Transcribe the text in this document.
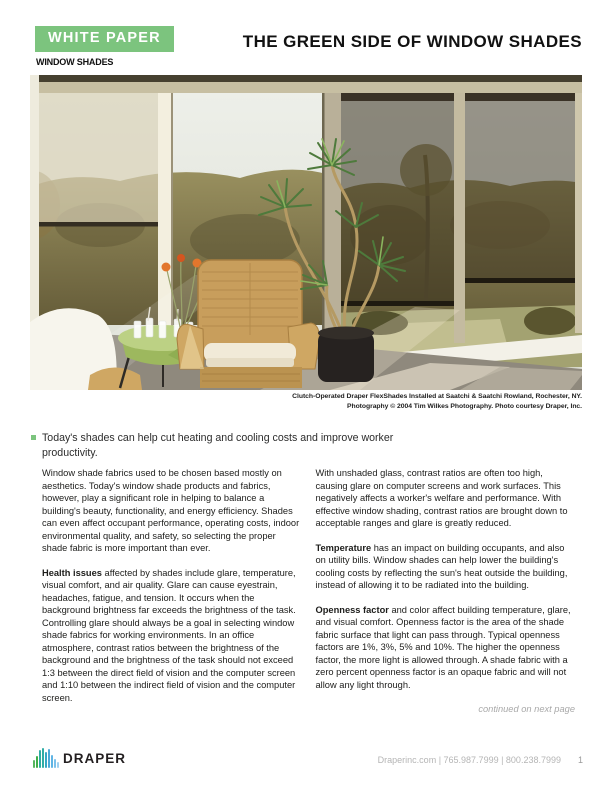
WHITE PAPER	THE GREEN SIDE OF WINDOW SHADES
WINDOW SHADES
Clutch-Operated Draper FlexShades Installed at Saatchi & Saatchi Rowland, Rochester, NY.
Photography © 2004 Tim Wilkes Photography. Photo courtesy Draper, Inc.
Today's shades can help cut heating and cooling costs and improve worker productivity.

Window shade fabrics used to be chosen based mostly on aesthetics. Today's window shade products and fabrics, however, play a significant role in helping to balance a building's beauty, functionality, and energy efficiency. Shades can even affect occupant performance, operating costs, indoor environmental quality, and safety, so selecting the proper shade fabric is more important than ever.

Health issues affected by shades include glare, temperature, visual comfort, and air quality. Glare can cause eyestrain, headaches, fatigue, and tension. It occurs when the background brightness far exceeds the brightness of the task. Controlling glare should always be a goal in selecting window shade fabrics for working environments. In an office atmosphere, contrast ratios between the brightness of the background and the brightness of the task should not exceed 1:3 between the direct field of vision and the computer screen and 1:10 between the indirect field of vision and the computer screen.

With unshaded glass, contrast ratios are often too high, causing glare on computer screens and work surfaces. This negatively affects a worker's welfare and performance. With effective window shading, contrast ratios are brought down to acceptable ranges and glare is greatly reduced.

Temperature has an impact on building occupants, and also on utility bills. Window shades can help lower the building's cooling costs by reflecting the sun's heat outside the building, instead of allowing it to be radiated into the building.

Openness factor and color affect building temperature, glare, and visual comfort. Openness factor is the area of the shade fabric surface that light can pass through. Typical openness factors are 1%, 3%, 5% and 10%. The higher the openness factor, the more light is allowed through. A shade fabric with a zero percent openness factor is an opaque fabric and will not allow any light through.

continued on next page
DRAPER	Draperinc.com | 765.987.7999 | 800.238.7999 1
